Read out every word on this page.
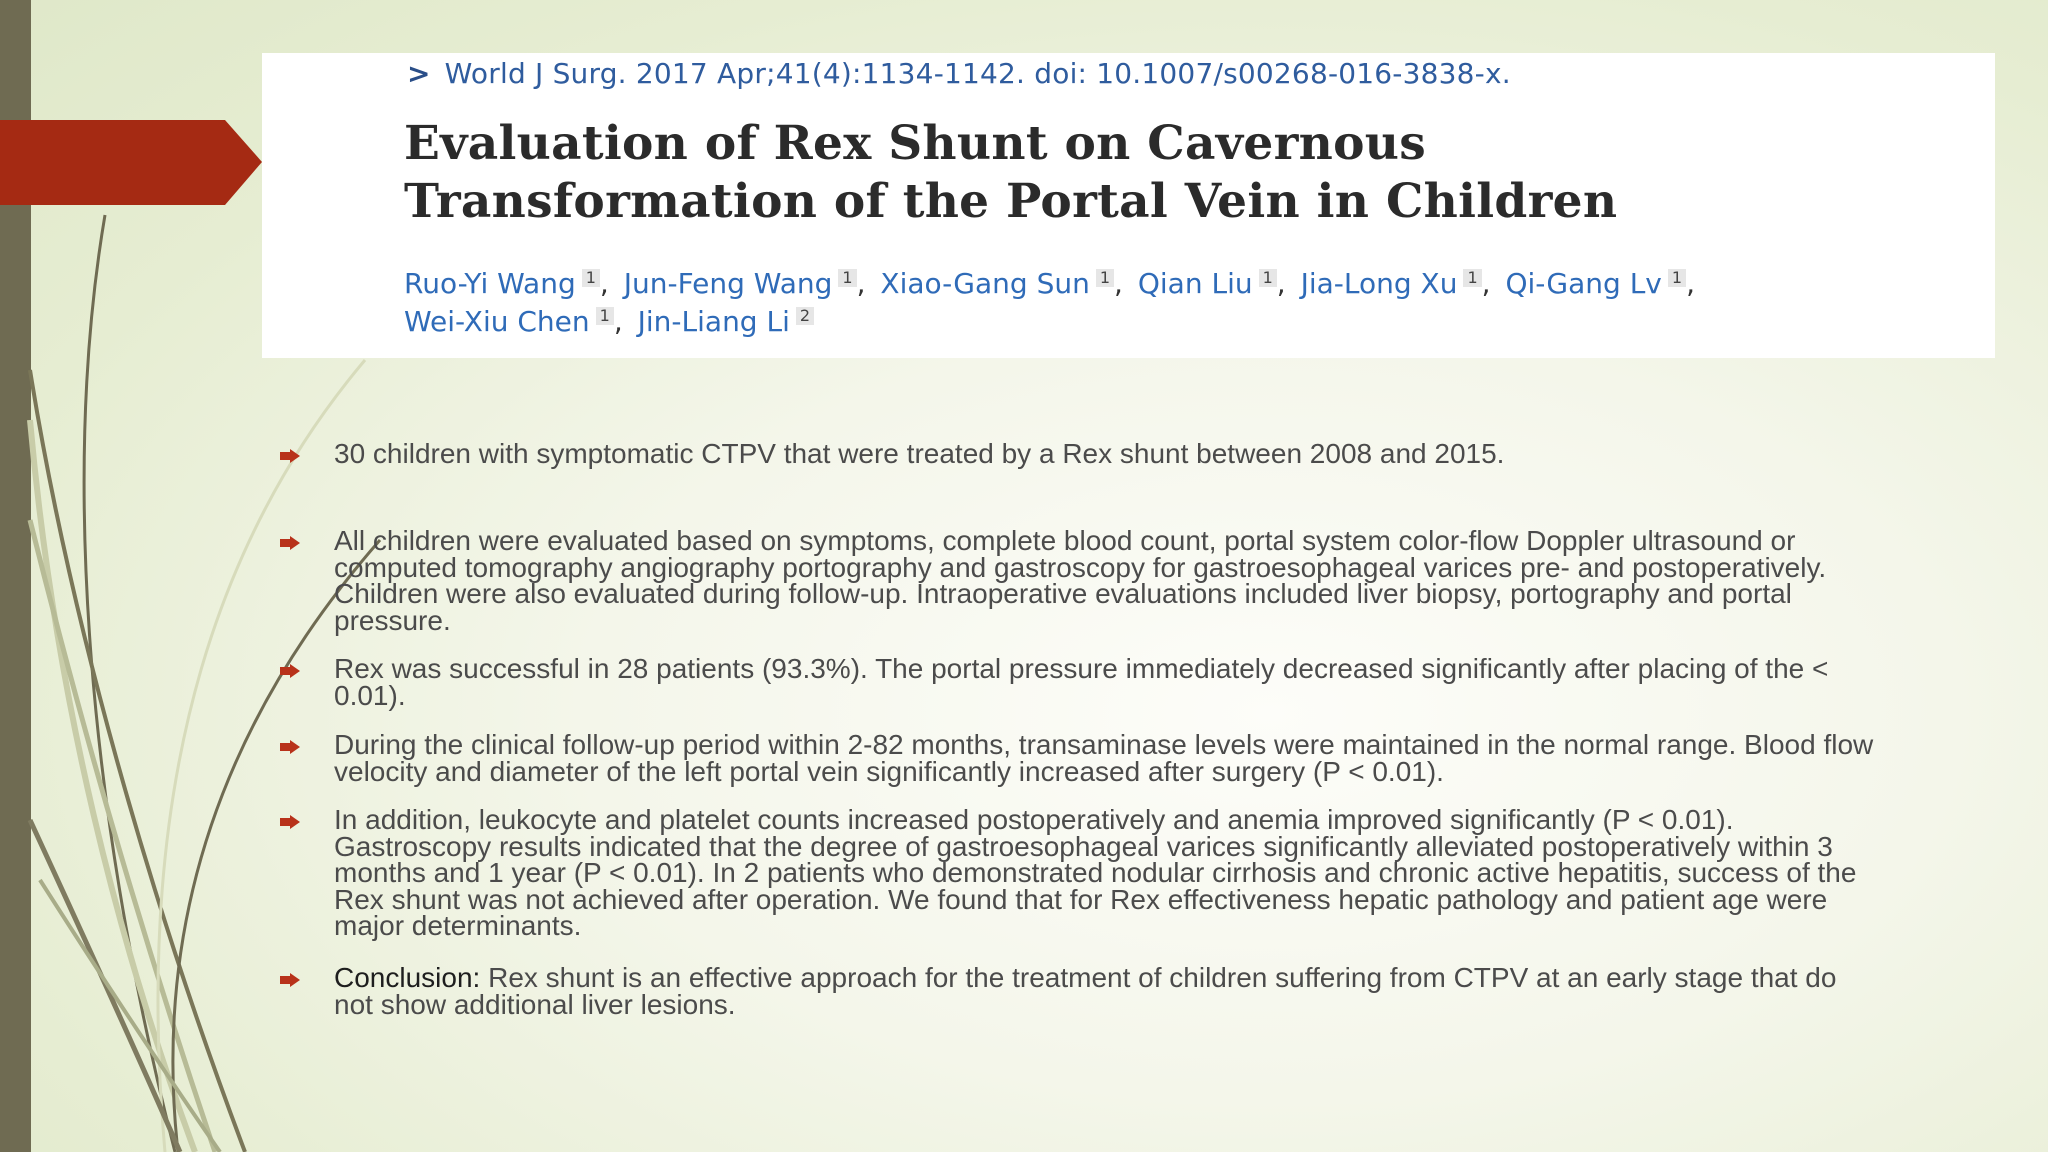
> World J Surg. 2017 Apr;41(4):1134-1142. doi: 10.1007/s00268-016-3838-x.
Evaluation of Rex Shunt on Cavernous
Transformation of the Portal Vein in Children
Ruo-Yi Wang 1 , Jun-Feng Wang 1 , Xiao-Gang Sun 1 , Qian Liu 1 , Jia-Long Xu 1 , Qi-Gang Lv 1 ,
Wei-Xiu Chen 1 , Jin-Liang Li 2
30 children with symptomatic CTPV that were treated by a Rex shunt between 2008 and 2015.
All children were evaluated based on symptoms, complete blood count, portal system color-flow Doppler ultrasound or computed tomography angiography portography and gastroscopy for gastroesophageal varices pre- and postoperatively. Children were also evaluated during follow-up. Intraoperative evaluations included liver biopsy, portography and portal pressure.
Rex was successful in 28 patients (93.3%). The portal pressure immediately decreased significantly after placing of the < 0.01).
During the clinical follow-up period within 2-82 months, transaminase levels were maintained in the normal range. Blood flow velocity and diameter of the left portal vein significantly increased after surgery (P < 0.01).
In addition, leukocyte and platelet counts increased postoperatively and anemia improved significantly (P < 0.01). Gastroscopy results indicated that the degree of gastroesophageal varices significantly alleviated postoperatively within 3 months and 1 year (P < 0.01). In 2 patients who demonstrated nodular cirrhosis and chronic active hepatitis, success of the Rex shunt was not achieved after operation. We found that for Rex effectiveness hepatic pathology and patient age were major determinants.
Conclusion: Rex shunt is an effective approach for the treatment of children suffering from CTPV at an early stage that do not show additional liver lesions.
